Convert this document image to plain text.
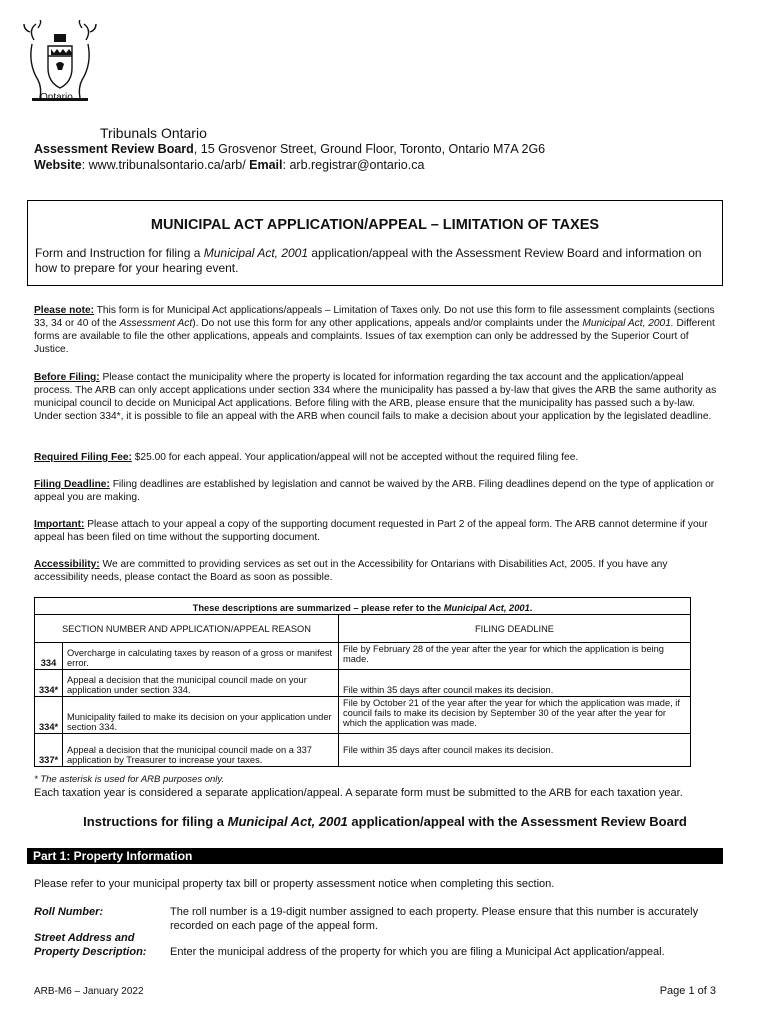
Ontario
Tribunals Ontario
Assessment Review Board, 15 Grosvenor Street, Ground Floor, Toronto, Ontario M7A 2G6
Website: www.tribunalsontario.ca/arb/ Email: arb.registrar@ontario.ca
MUNICIPAL ACT APPLICATION/APPEAL – LIMITATION OF TAXES
Form and Instruction for filing a Municipal Act, 2001 application/appeal with the Assessment Review Board and information on how to prepare for your hearing event.
Please note: This form is for Municipal Act applications/appeals – Limitation of Taxes only. Do not use this form to file assessment complaints (sections 33, 34 or 40 of the Assessment Act). Do not use this form for any other applications, appeals and/or complaints under the Municipal Act, 2001. Different forms are available to file the other applications, appeals and complaints. Issues of tax exemption can only be addressed by the Superior Court of Justice.
Before Filing: Please contact the municipality where the property is located for information regarding the tax account and the application/appeal process. The ARB can only accept applications under section 334 where the municipality has passed a by-law that gives the ARB the same authority as municipal council to decide on Municipal Act applications. Before filing with the ARB, please ensure that the municipality has passed such a by-law. Under section 334*, it is possible to file an appeal with the ARB when council fails to make a decision about your application by the legislated deadline.
Required Filing Fee: $25.00 for each appeal. Your application/appeal will not be accepted without the required filing fee.
Filing Deadline: Filing deadlines are established by legislation and cannot be waived by the ARB. Filing deadlines depend on the type of application or appeal you are making.
Important: Please attach to your appeal a copy of the supporting document requested in Part 2 of the appeal form. The ARB cannot determine if your appeal has been filed on time without the supporting document.
Accessibility: We are committed to providing services as set out in the Accessibility for Ontarians with Disabilities Act, 2005. If you have any accessibility needs, please contact the Board as soon as possible.
These descriptions are summarized – please refer to the Municipal Act, 2001.		
SECTION NUMBER AND APPLICATION/APPEAL REASON		FILING DEADLINE
334	Overcharge in calculating taxes by reason of a gross or manifest error.	File by February 28 of the year after the year for which the application is being made.
334*	Appeal a decision that the municipal council made on your application under section 334.	File within 35 days after council makes its decision.
334*	Municipality failed to make its decision on your application under section 334.	File by October 21 of the year after the year for which the application was made, if council fails to make its decision by September 30 of the year after the year for which the application was made.
337*	Appeal a decision that the municipal council made on a 337 application by Treasurer to increase your taxes.	File within 35 days after council makes its decision.
* The asterisk is used for ARB purposes only.
Each taxation year is considered a separate application/appeal. A separate form must be submitted to the ARB for each taxation year.
Instructions for filing a Municipal Act, 2001 application/appeal with the Assessment Review Board
Part 1: Property Information
Please refer to your municipal property tax bill or property assessment notice when completing this section.
Roll Number:	The roll number is a 19-digit number assigned to each property. Please ensure that this number is accurately recorded on each page of the appeal form.
Street Address and Property Description:	Enter the municipal address of the property for which you are filing a Municipal Act application/appeal.
ARB-M6 – January 2022	Page 1 of 3
